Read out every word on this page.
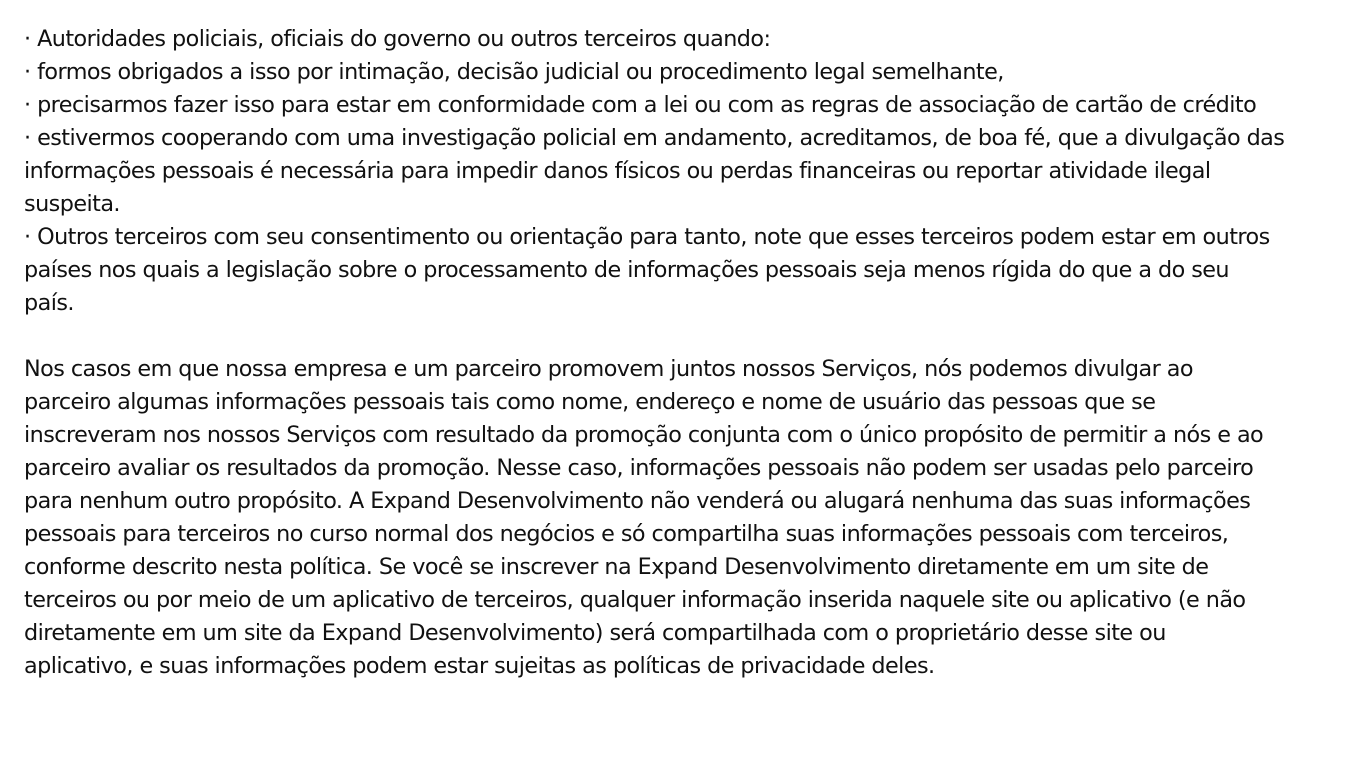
· Autoridades policiais, oficiais do governo ou outros terceiros quando:
· formos obrigados a isso por intimação, decisão judicial ou procedimento legal semelhante,
· precisarmos fazer isso para estar em conformidade com a lei ou com as regras de associação de cartão de crédito
· estivermos cooperando com uma investigação policial em andamento, acreditamos, de boa fé, que a divulgação das
informações pessoais é necessária para impedir danos físicos ou perdas financeiras ou reportar atividade ilegal
suspeita.
· Outros terceiros com seu consentimento ou orientação para tanto, note que esses terceiros podem estar em outros
países nos quais a legislação sobre o processamento de informações pessoais seja menos rígida do que a do seu
país.
Nos casos em que nossa empresa e um parceiro promovem juntos nossos Serviços, nós podemos divulgar ao
parceiro algumas informações pessoais tais como nome, endereço e nome de usuário das pessoas que se
inscreveram nos nossos Serviços com resultado da promoção conjunta com o único propósito de permitir a nós e ao
parceiro avaliar os resultados da promoção. Nesse caso, informações pessoais não podem ser usadas pelo parceiro
para nenhum outro propósito. A Expand Desenvolvimento não venderá ou alugará nenhuma das suas informações
pessoais para terceiros no curso normal dos negócios e só compartilha suas informações pessoais com terceiros,
conforme descrito nesta política. Se você se inscrever na Expand Desenvolvimento diretamente em um site de
terceiros ou por meio de um aplicativo de terceiros, qualquer informação inserida naquele site ou aplicativo (e não
diretamente em um site da Expand Desenvolvimento) será compartilhada com o proprietário desse site ou
aplicativo, e suas informações podem estar sujeitas as políticas de privacidade deles.
